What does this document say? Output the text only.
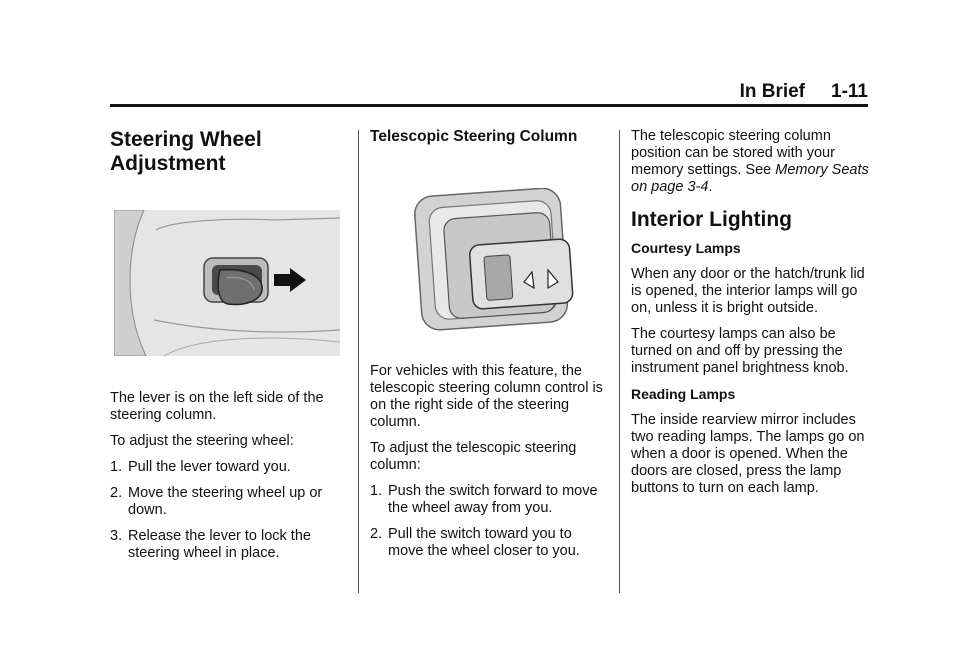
In Brief 1-11
Steering Wheel Adjustment

The lever is on the left side of the steering column.

To adjust the steering wheel:

1. Pull the lever toward you.
2. Move the steering wheel up or down.
3. Release the lever to lock the steering wheel in place.
Telescopic Steering Column

For vehicles with this feature, the telescopic steering column control is on the right side of the steering column.

To adjust the telescopic steering column:

1. Push the switch forward to move the wheel away from you.
2. Pull the switch toward you to move the wheel closer to you.

The telescopic steering column position can be stored with your memory settings. See Memory Seats on page 3-4.

Interior Lighting
Courtesy Lamps

When any door or the hatch/trunk lid is opened, the interior lamps will go on, unless it is bright outside.

The courtesy lamps can also be turned on and off by pressing the instrument panel brightness knob.

Reading Lamps

The inside rearview mirror includes two reading lamps. The lamps go on when a door is opened. When the doors are closed, press the lamp buttons to turn on each lamp.
